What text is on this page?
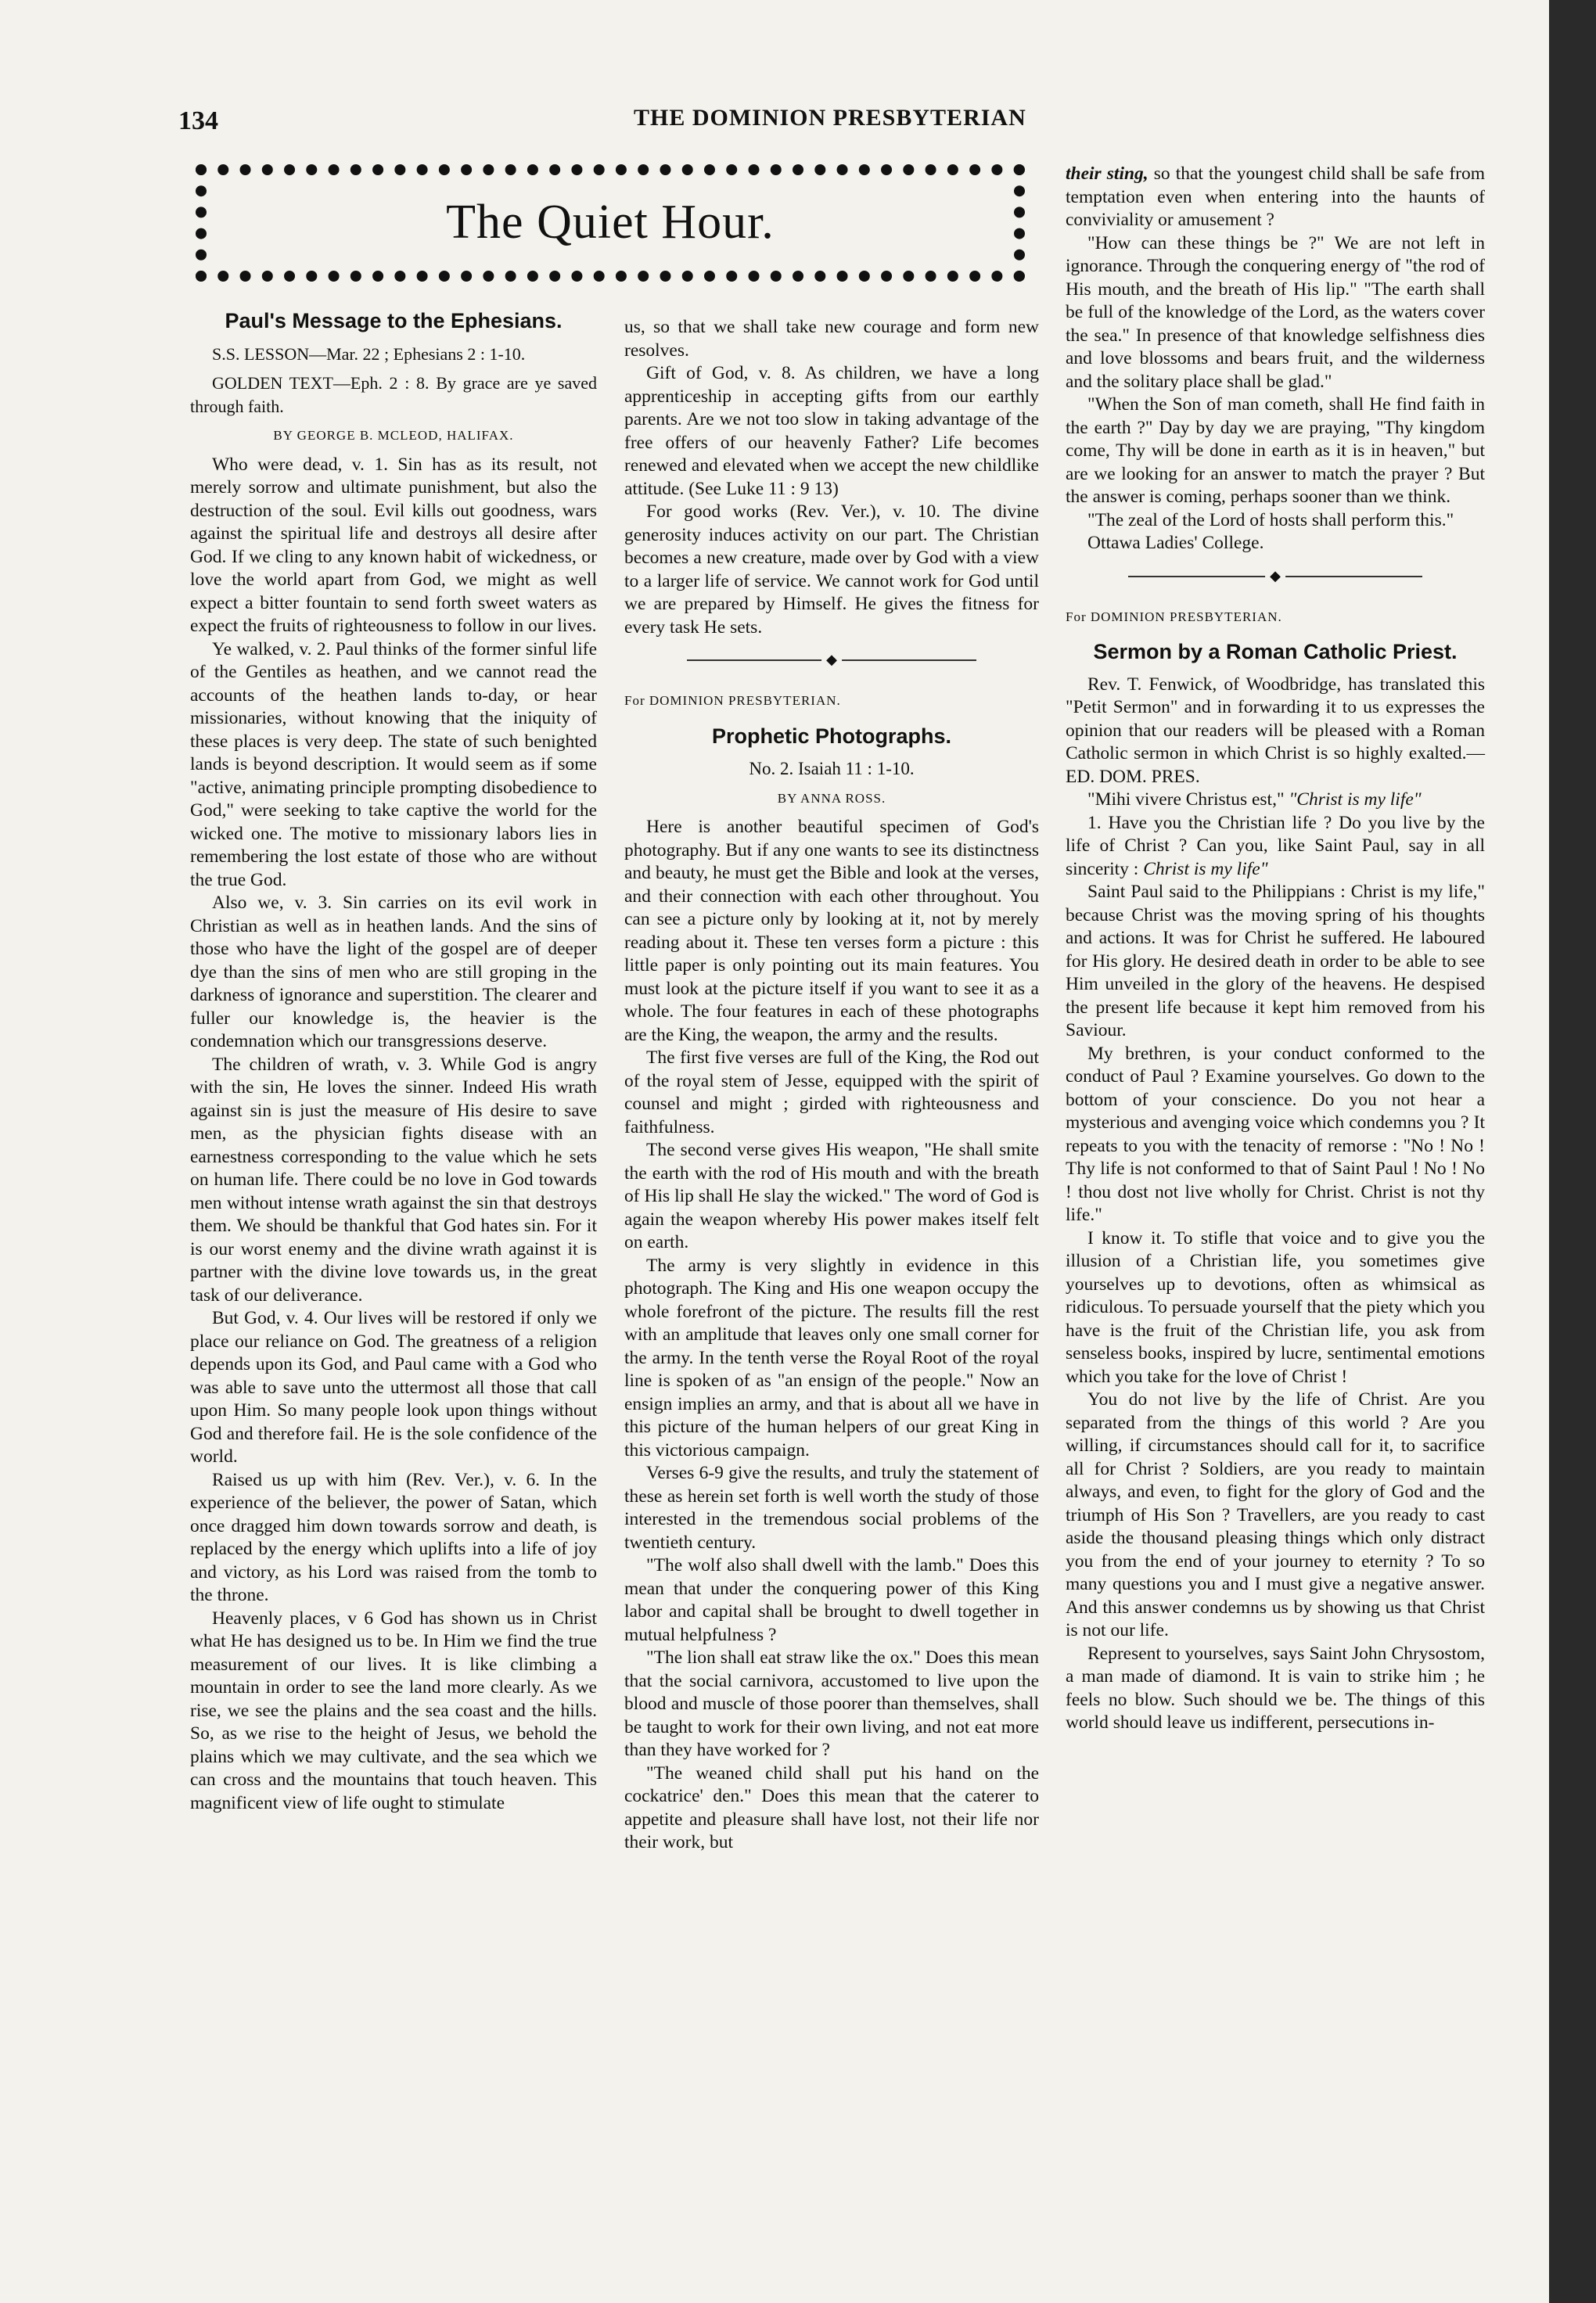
134	THE DOMINION PRESBYTERIAN
The Quiet Hour.
Paul's Message to the Ephesians.
S.S. LESSON—Mar. 22 ; Ephesians 2 : 1-10.
GOLDEN TEXT—Eph. 2 : 8. By grace are ye saved through faith.
BY GEORGE B. MCLEOD, HALIFAX.

Who were dead, v. 1. Sin has as its result, not merely sorrow and ultimate punishment, but also the destruction of the soul. Evil kills out goodness, wars against the spiritual life and destroys all desire after God. If we cling to any known habit of wickedness, or love the world apart from God, we might as well expect a bitter fountain to send forth sweet waters as expect the fruits of righteousness to follow in our lives.

Ye walked, v. 2. Paul thinks of the former sinful life of the Gentiles as heathen, and we cannot read the accounts of the heathen lands to-day, or hear missionaries, without knowing that the iniquity of these places is very deep. The state of such benighted lands is beyond description. It would seem as if some "active, animating principle prompting disobedience to God," were seeking to take captive the world for the wicked one. The motive to missionary labors lies in remembering the lost estate of those who are without the true God.

Also we, v. 3. Sin carries on its evil work in Christian as well as in heathen lands. And the sins of those who have the light of the gospel are of deeper dye than the sins of men who are still groping in the darkness of ignorance and superstition. The clearer and fuller our knowledge is, the heavier is the condemnation which our transgressions deserve.

The children of wrath, v. 3. While God is angry with the sin, He loves the sinner. Indeed His wrath against sin is just the measure of His desire to save men, as the physician fights disease with an earnestness corresponding to the value which he sets on human life. There could be no love in God towards men without intense wrath against the sin that destroys them. We should be thankful that God hates sin. For it is our worst enemy and the divine wrath against it is partner with the divine love towards us, in the great task of our deliverance.

But God, v. 4. Our lives will be restored if only we place our reliance on God. The greatness of a religion depends upon its God, and Paul came with a God who was able to save unto the uttermost all those that call upon Him. So many people look upon things without God and therefore fail. He is the sole confidence of the world.

Raised us up with him (Rev. Ver.), v. 6. In the experience of the believer, the power of Satan, which once dragged him down towards sorrow and death, is replaced by the energy which uplifts into a life of joy and victory, as his Lord was raised from the tomb to the throne.

Heavenly places, v 6 God has shown us in Christ what He has designed us to be. In Him we find the true measurement of our lives. It is like climbing a mountain in order to see the land more clearly. As we rise, we see the plains and the sea coast and the hills. So, as we rise to the height of Jesus, we behold the plains which we may cultivate, and the sea which we can cross and the mountains that touch heaven. This magnificent view of life ought to stimulate

us, so that we shall take new courage and form new resolves.

Gift of God, v. 8. As children, we have a long apprenticeship in accepting gifts from our earthly parents. Are we not too slow in taking advantage of the free offers of our heavenly Father? Life becomes renewed and elevated when we accept the new childlike attitude. (See Luke 11 : 9 13)

For good works (Rev. Ver.), v. 10. The divine generosity induces activity on our part. The Christian becomes a new creature, made over by God with a view to a larger life of service. We cannot work for God until we are prepared by Himself. He gives the fitness for every task He sets.

◆
For DOMINION PRESBYTERIAN.
Prophetic Photographs.
No. 2. Isaiah 11 : 1-10.
BY ANNA ROSS.

Here is another beautiful specimen of God's photography. But if any one wants to see its distinctness and beauty, he must get the Bible and look at the verses, and their connection with each other throughout. You can see a picture only by looking at it, not by merely reading about it. These ten verses form a picture : this little paper is only pointing out its main features. You must look at the picture itself if you want to see it as a whole. The four features in each of these photographs are the King, the weapon, the army and the results.

The first five verses are full of the King, the Rod out of the royal stem of Jesse, equipped with the spirit of counsel and might ; girded with righteousness and faithfulness.

The second verse gives His weapon, "He shall smite the earth with the rod of His mouth and with the breath of His lip shall He slay the wicked." The word of God is again the weapon whereby His power makes itself felt on earth.

The army is very slightly in evidence in this photograph. The King and His one weapon occupy the whole forefront of the picture. The results fill the rest with an amplitude that leaves only one small corner for the army. In the tenth verse the Royal Root of the royal line is spoken of as "an ensign of the people." Now an ensign implies an army, and that is about all we have in this picture of the human helpers of our great King in this victorious campaign.

Verses 6-9 give the results, and truly the statement of these as herein set forth is well worth the study of those interested in the tremendous social problems of the twentieth century.

"The wolf also shall dwell with the lamb." Does this mean that under the conquering power of this King labor and capital shall be brought to dwell together in mutual helpfulness ?

"The lion shall eat straw like the ox." Does this mean that the social carnivora, accustomed to live upon the blood and muscle of those poorer than themselves, shall be taught to work for their own living, and not eat more than they have worked for ?

"The weaned child shall put his hand on the cockatrice' den." Does this mean that the caterer to appetite and pleasure shall have lost, not their life nor their work, but

their sting, so that the youngest child shall be safe from temptation even when entering into the haunts of conviviality or amusement ?

"How can these things be ?" We are not left in ignorance. Through the conquering energy of "the rod of His mouth, and the breath of His lip." "The earth shall be full of the knowledge of the Lord, as the waters cover the sea." In presence of that knowledge selfishness dies and love blossoms and bears fruit, and the wilderness and the solitary place shall be glad."

"When the Son of man cometh, shall He find faith in the earth ?" Day by day we are praying, "Thy kingdom come, Thy will be done in earth as it is in heaven," but are we looking for an answer to match the prayer ? But the answer is coming, perhaps sooner than we think.

"The zeal of the Lord of hosts shall perform this."

Ottawa Ladies' College.

◆
For DOMINION PRESBYTERIAN.
Sermon by a Roman Catholic Priest.

Rev. T. Fenwick, of Woodbridge, has translated this "Petit Sermon" and in forwarding it to us expresses the opinion that our readers will be pleased with a Roman Catholic sermon in which Christ is so highly exalted.—ED. DOM. PRES.

"Mihi vivere Christus est," "Christ is my life"

1. Have you the Christian life ? Do you live by the life of Christ ? Can you, like Saint Paul, say in all sincerity : Christ is my life"

Saint Paul said to the Philippians : Christ is my life," because Christ was the moving spring of his thoughts and actions. It was for Christ he suffered. He laboured for His glory. He desired death in order to be able to see Him unveiled in the glory of the heavens. He despised the present life because it kept him removed from his Saviour.

My brethren, is your conduct conformed to the conduct of Paul ? Examine yourselves. Go down to the bottom of your conscience. Do you not hear a mysterious and avenging voice which condemns you ? It repeats to you with the tenacity of remorse : "No ! No ! Thy life is not conformed to that of Saint Paul ! No ! No ! thou dost not live wholly for Christ. Christ is not thy life."

I know it. To stifle that voice and to give you the illusion of a Christian life, you sometimes give yourselves up to devotions, often as whimsical as ridiculous. To persuade yourself that the piety which you have is the fruit of the Christian life, you ask from senseless books, inspired by lucre, sentimental emotions which you take for the love of Christ !

You do not live by the life of Christ. Are you separated from the things of this world ? Are you willing, if circumstances should call for it, to sacrifice all for Christ ? Soldiers, are you ready to maintain always, and even, to fight for the glory of God and the triumph of His Son ? Travellers, are you ready to cast aside the thousand pleasing things which only distract you from the end of your journey to eternity ? To so many questions you and I must give a negative answer. And this answer condemns us by showing us that Christ is not our life.

Represent to yourselves, says Saint John Chrysostom, a man made of diamond. It is vain to strike him ; he feels no blow. Such should we be. The things of this world should leave us indifferent, persecutions in-
